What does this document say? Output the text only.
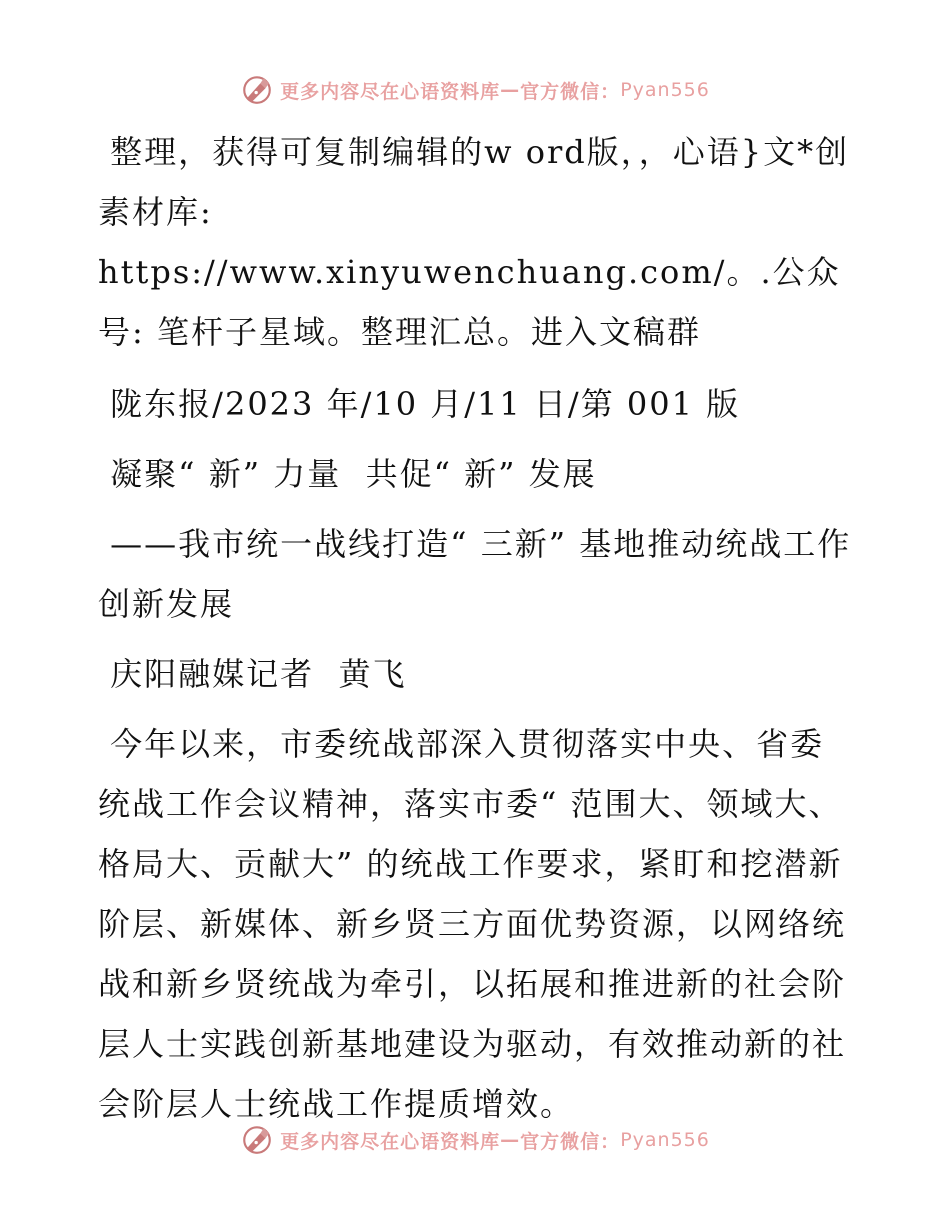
更多内容尽在心语资料库 — 官方微信： Pyan556

整理，获得可复制编辑的w ord版，，心语}文*创素材库: https://www.xinyuwenchuang.com/。.公众号: 笔杆子星域。整理汇总。进入文稿群

陇东报/2023 年/10 月/11 日/第 001 版

凝聚“ 新” 力量  共促“ 新” 发展

——我市统一战线打造“ 三新” 基地推动统战工作创新发展

庆阳融媒记者  黄飞

今年以来，市委统战部深入贯彻落实中央、省委统战工作会议精神，落实市委“ 范围大、领域大、格局大、贡献大” 的统战工作要求，紧盯和挖潜新阶层、新媒体、新乡贤三方面优势资源，以网络统战和新乡贤统战为牵引，以拓展和推进新的社会阶层人士实践创新基地建设为驱动，有效推动新的社会阶层人士统战工作提质增效。

更多内容尽在心语资料库 — 官方微信： Pyan556
